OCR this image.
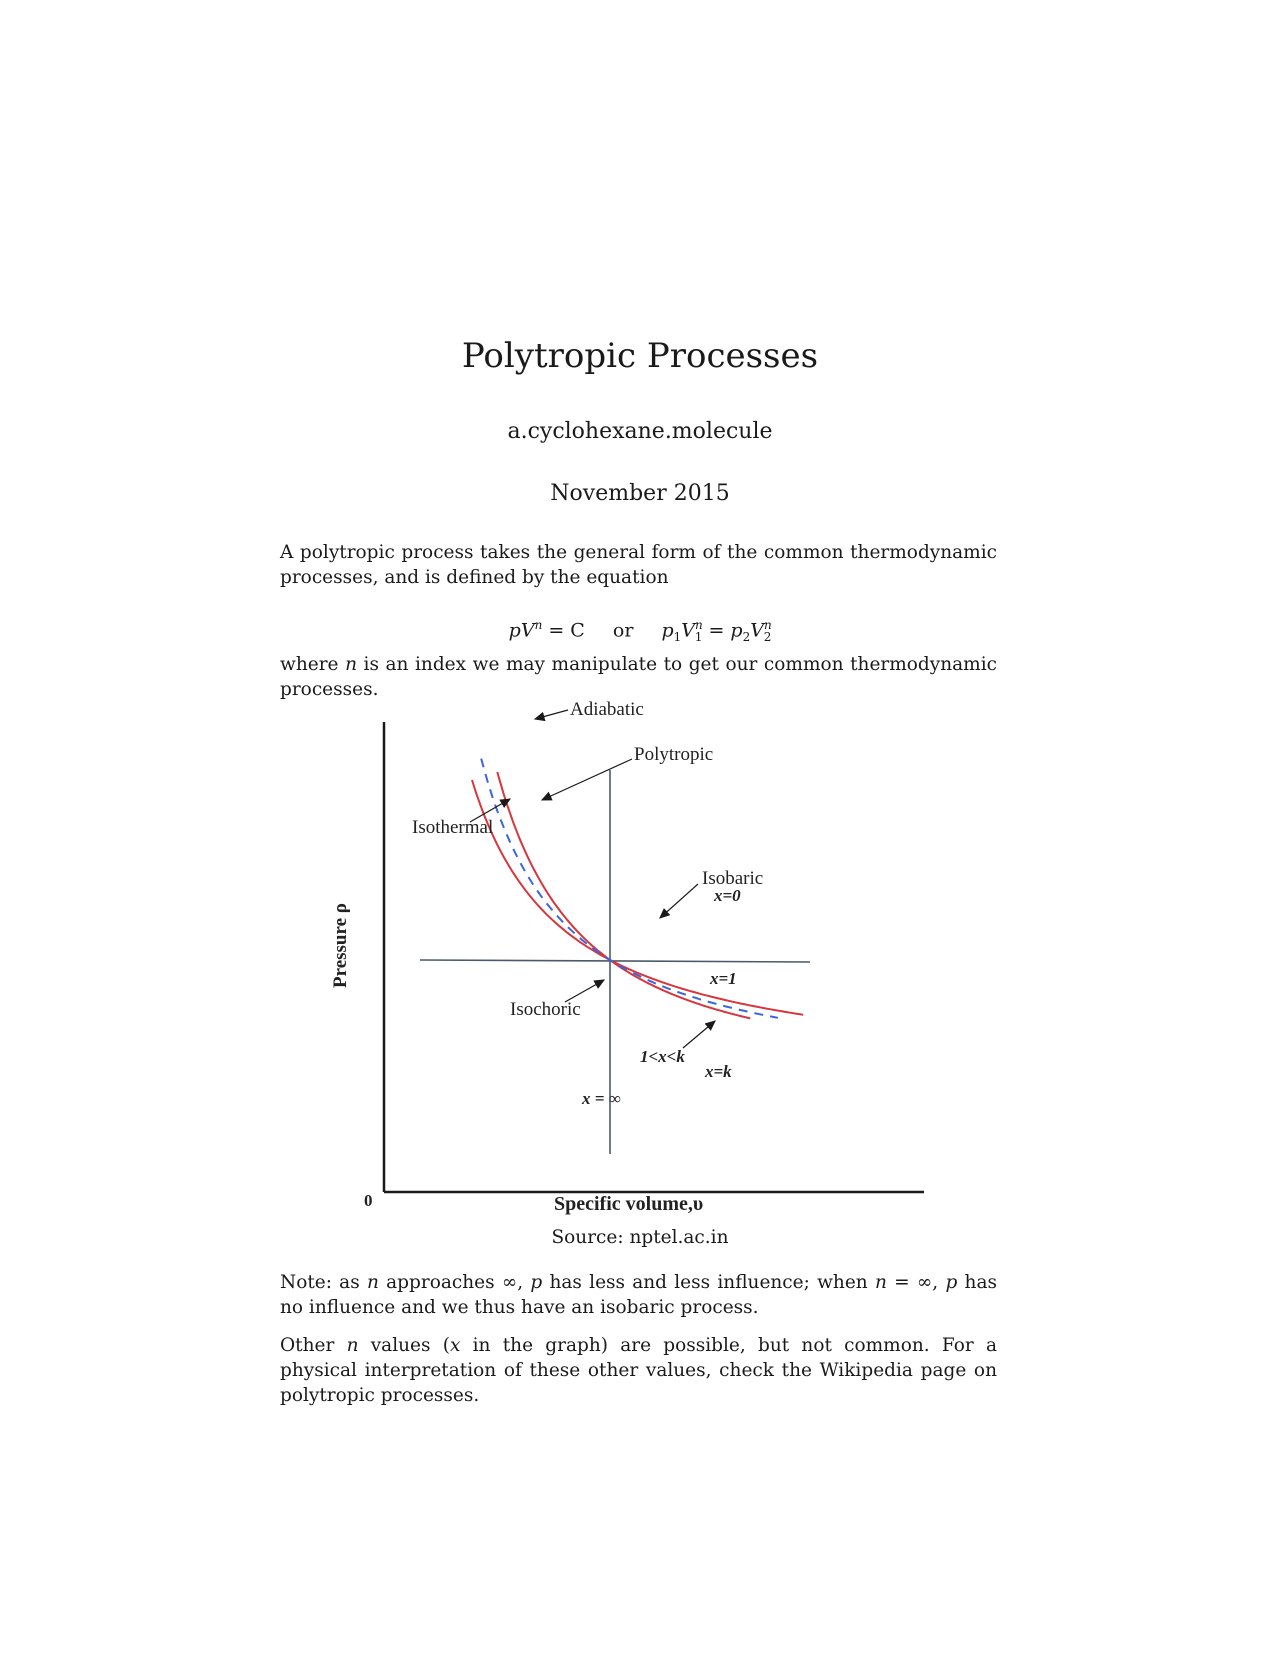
Polytropic Processes
a.cyclohexane.molecule
November 2015
A polytropic process takes the general form of the common thermodynamic processes, and is defined by the equation
$pV^n = C$ or $p_1V^n_1 = p_2V^n_2$
where n is an index we may manipulate to get our common thermodynamic processes.
Adiabatic
Polytropic
Isothermal
Isobaric
x=0
Isochoric
x=1
1<x<k
x=k
x = ∞
0	Specific volume,υ
Pressure ρ
Source: nptel.ac.in
Note: as n approaches ∞, p has less and less influence; when n = ∞, p has no influence and we thus have an isobaric process.
Other n values (x in the graph) are possible, but not common. For a physical interpretation of these other values, check the Wikipedia page on polytropic processes.
